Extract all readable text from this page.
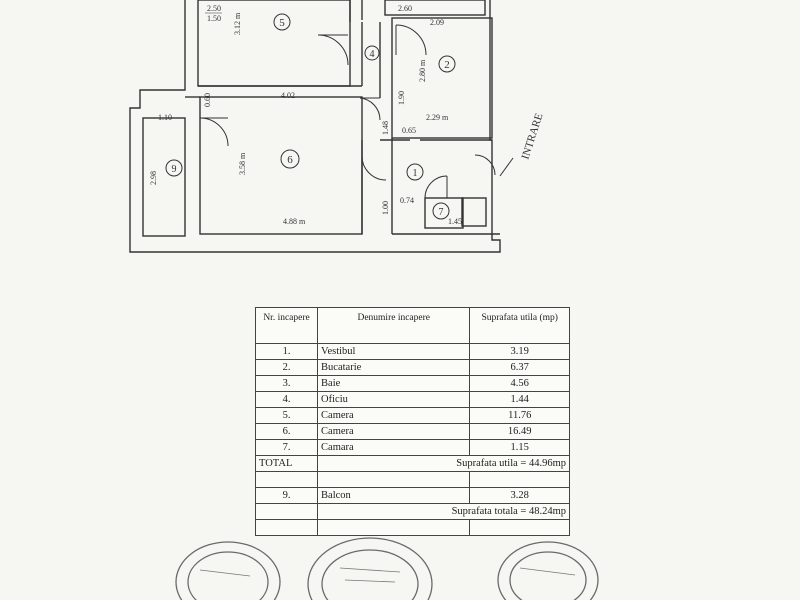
5
2
4
6
9	1
7
2.50
1.50 3.12 m
4.02
3.58 m
4.88 m
2.09
2.60
2.80 m
2.29 m
2.98
1.10
1.48
1.00
0.74
1.45
0.60	1.90
0.65	INTRARE
Nr. incapere	Denumire incapere	Suprafata utila (mp)
1.	Vestibul	3.19
2.	Bucatarie	6.37
3.	Baie	4.56
4.	Oficiu	1.44
5.	Camera	11.76
6.	Camera	16.49
7.	Camara	1.15
TOTAL	Suprafata utila = 44.96mp	

9.	Balcon	3.28
	Suprafata totala = 48.24mp	
